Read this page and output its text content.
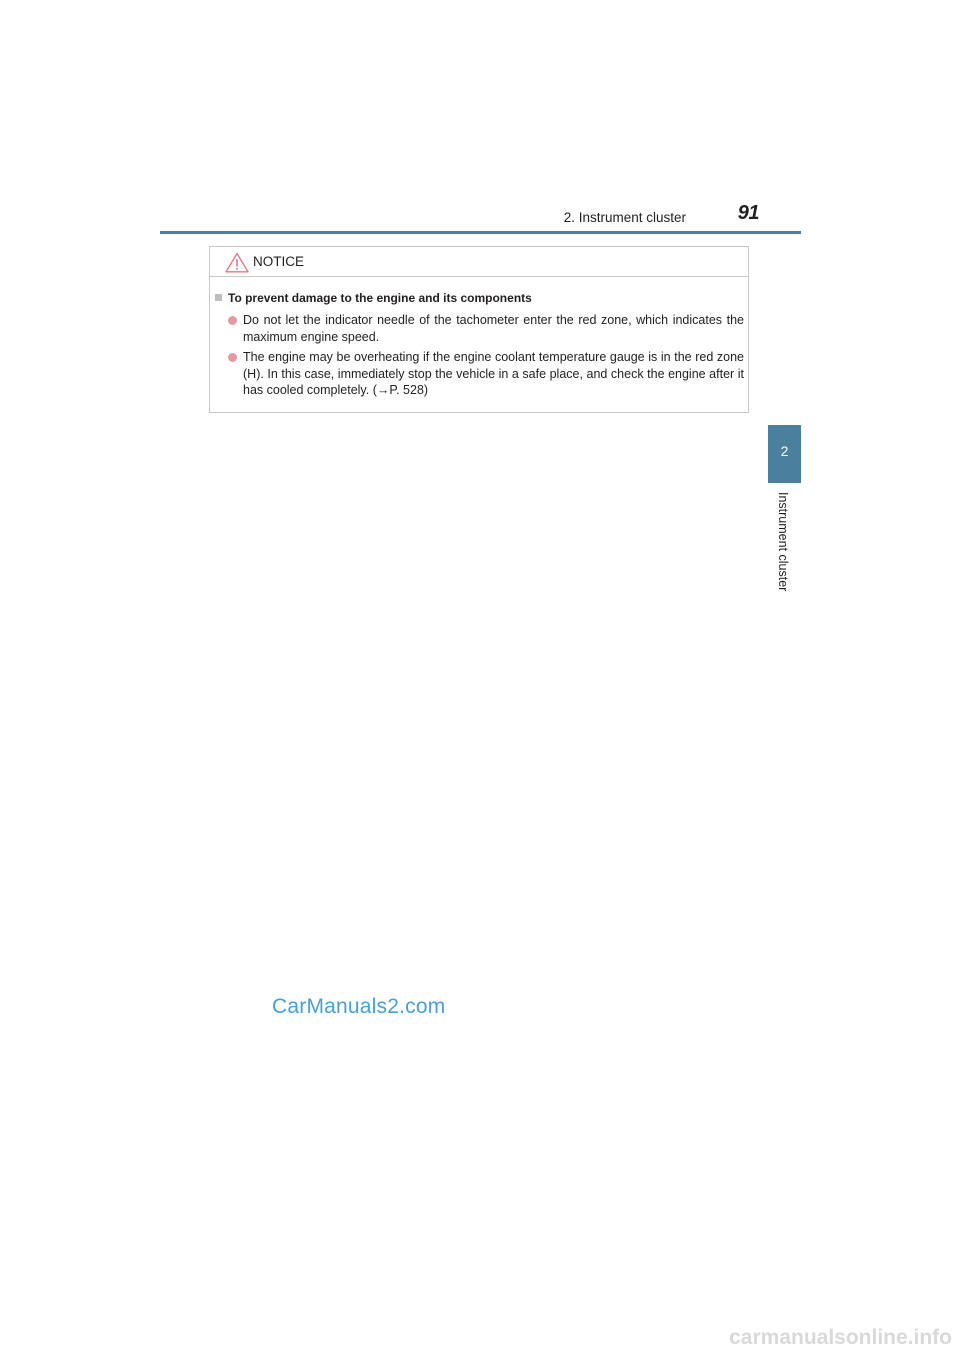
2. Instrument cluster	91
2
Instrument cluster
NOTICE
To prevent damage to the engine and its components
Do not let the indicator needle of the tachometer enter the red zone, which indicates the maximum engine speed.
The engine may be overheating if the engine coolant temperature gauge is in the red zone (H). In this case, immediately stop the vehicle in a safe place, and check the engine after it has cooled completely. (→P. 528)
CarManuals2.com
carmanualsonline.info
